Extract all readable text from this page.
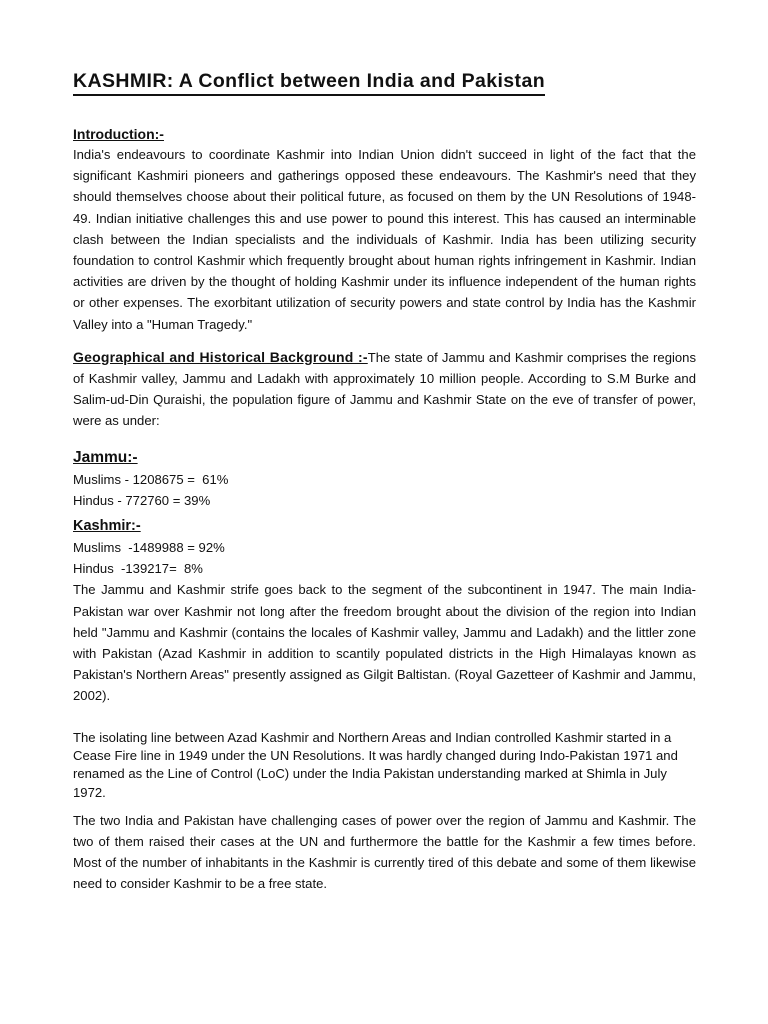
KASHMIR: A Conflict between India and Pakistan
Introduction:-

India's endeavours to coordinate Kashmir into Indian Union didn't succeed in light of the fact that the significant Kashmiri pioneers and gatherings opposed these endeavours. The Kashmir's need that they should themselves choose about their political future, as focused on them by the UN Resolutions of 1948-49. Indian initiative challenges this and use power to pound this interest. This has caused an interminable clash between the Indian specialists and the individuals of Kashmir. India has been utilizing security foundation to control Kashmir which frequently brought about human rights infringement in Kashmir. Indian activities are driven by the thought of holding Kashmir under its influence independent of the human rights or other expenses. The exorbitant utilization of security powers and state control by India has the Kashmir Valley into a "Human Tragedy."

Geographical and Historical Background :-The state of Jammu and Kashmir comprises the regions of Kashmir valley, Jammu and Ladakh with approximately 10 million people. According to S.M Burke and Salim-ud-Din Quraishi, the population figure of Jammu and Kashmir State on the eve of transfer of power, were as under:

Jammu:-
Muslims - 1208675 =  61%
Hindus - 772760 = 39%
Kashmir:-
Muslims  -1489988 = 92%
Hindus  -139217=  8%

The Jammu and Kashmir strife goes back to the segment of the subcontinent in 1947. The main India-Pakistan war over Kashmir not long after the freedom brought about the division of the region into Indian held "Jammu and Kashmir (contains the locales of Kashmir valley, Jammu and Ladakh) and the littler zone with Pakistan (Azad Kashmir in addition to scantily populated districts in the High Himalayas known as Pakistan's Northern Areas" presently assigned as Gilgit Baltistan. (Royal Gazetteer of Kashmir and Jammu, 2002).

The isolating line between Azad Kashmir and Northern Areas and Indian controlled Kashmir started in a Cease Fire line in 1949 under the UN Resolutions. It was hardly changed during Indo-Pakistan 1971 and renamed as the Line of Control (LoC) under the India Pakistan understanding marked at Shimla in July 1972.

The two India and Pakistan have challenging cases of power over the region of Jammu and Kashmir. The two of them raised their cases at the UN and furthermore the battle for the Kashmir a few times before. Most of the number of inhabitants in the Kashmir is currently tired of this debate and some of them likewise need to consider Kashmir to be a free state.
